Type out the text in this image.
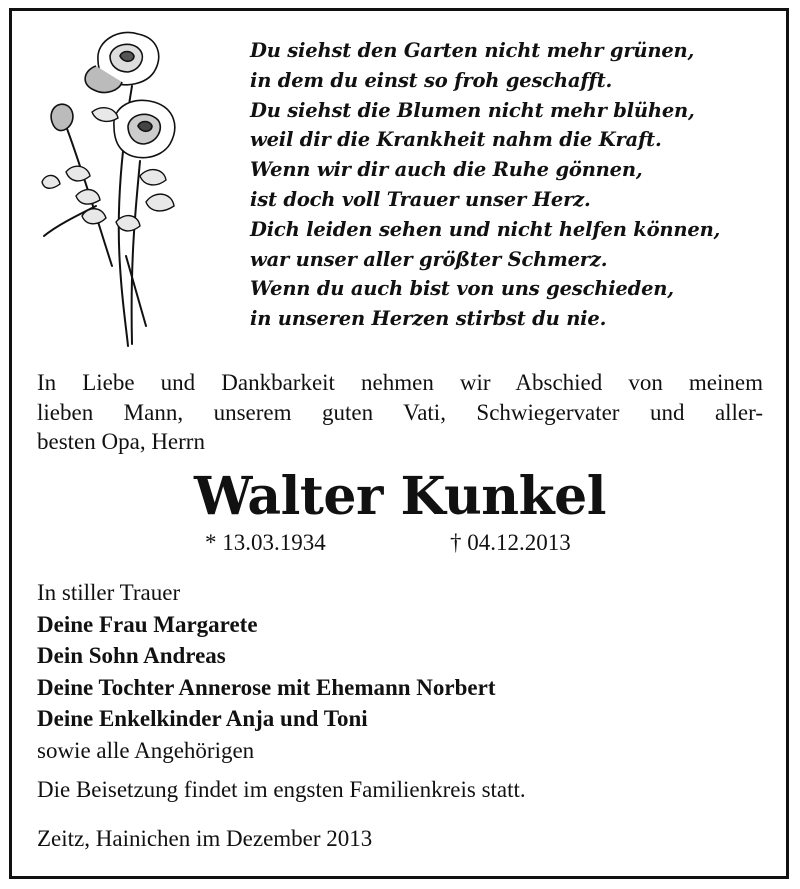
Du siehst den Garten nicht mehr grünen,
in dem du einst so froh geschafft.
Du siehst die Blumen nicht mehr blühen,
weil dir die Krankheit nahm die Kraft.
Wenn wir dir auch die Ruhe gönnen,
ist doch voll Trauer unser Herz.
Dich leiden sehen und nicht helfen können,
war unser aller größter Schmerz.
Wenn du auch bist von uns geschieden,
in unseren Herzen stirbst du nie.
In Liebe und Dankbarkeit nehmen wir Abschied von meinem
lieben Mann, unserem guten Vati, Schwiegervater und aller-
besten Opa, Herrn
Walter Kunkel
* 13.03.1934	† 04.12.2013
In stiller Trauer
Deine Frau Margarete
Dein Sohn Andreas
Deine Tochter Annerose mit Ehemann Norbert
Deine Enkelkinder Anja und Toni
sowie alle Angehörigen
Die Beisetzung findet im engsten Familienkreis statt.
Zeitz, Hainichen im Dezember 2013
